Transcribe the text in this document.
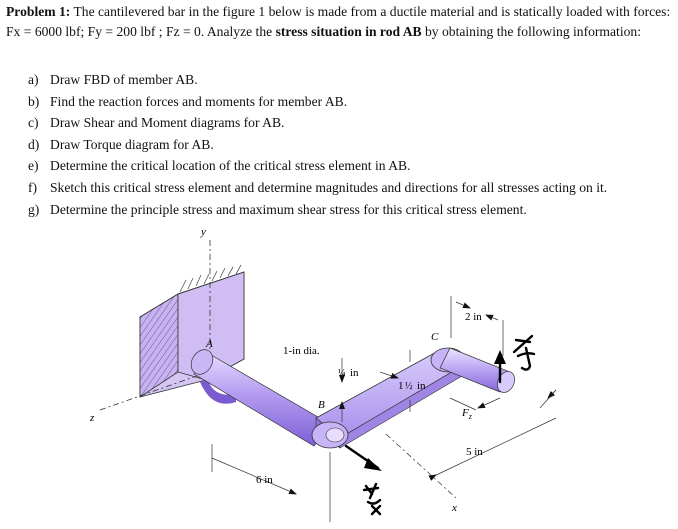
Problem 1: The cantilevered bar in the figure 1 below is made from a ductile material and is statically loaded with forces: Fx = 6000 lbf; Fy = 200 lbf ; Fz = 0. Analyze the stress situation in rod AB by obtaining the following information:
a) Draw FBD of member AB.
b) Find the reaction forces and moments for member AB.
c) Draw Shear and Moment diagrams for AB.
d) Draw Torque diagram for AB.
e) Determine the critical location of the critical stress element in AB.
f) Sketch this critical stress element and determine magnitudes and directions for all stresses acting on it.
g) Determine the principle stress and maximum shear stress for this critical stress element.
y
z
A
B
C
1-in dia.
¼ in
1 ½ in
6 in
5 in
2 in
$F_z$
x
